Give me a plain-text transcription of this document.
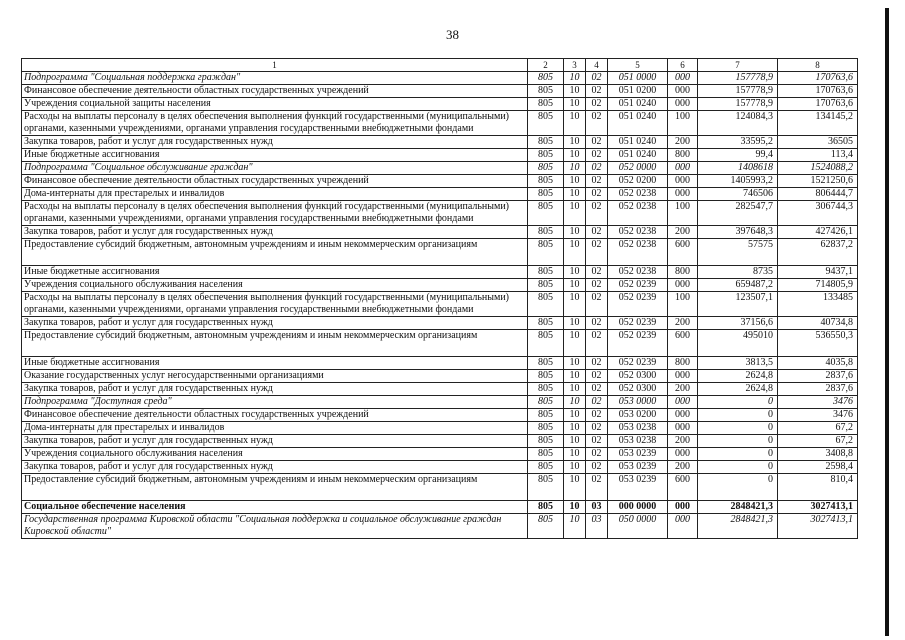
38
1	2	3	4	5	6	7	8
Подпрограмма "Социальная поддержка граждан"	805	10	02	051 0000	000	157778,9	170763,6
Финансовое обеспечение деятельности областных государственных учреждений	805	10	02	051 0200	000	157778,9	170763,6
Учреждения социальной защиты населения	805	10	02	051 0240	000	157778,9	170763,6
Расходы на выплаты персоналу в целях обеспечения выполнения функций государственными (муниципальными) органами, казенными учреждениями, органами управления государственными внебюджетными фондами	805	10	02	051 0240	100	124084,3	134145,2
Закупка товаров, работ и услуг для государственных нужд	805	10	02	051 0240	200	33595,2	36505
Иные бюджетные ассигнования	805	10	02	051 0240	800	99,4	113,4
Подпрограмма "Социальное обслуживание граждан"	805	10	02	052 0000	000	1408618	1524088,2
Финансовое обеспечение деятельности областных государственных учреждений	805	10	02	052 0200	000	1405993,2	1521250,6
Дома-интернаты для престарелых и инвалидов	805	10	02	052 0238	000	746506	806444,7
Расходы на выплаты персоналу в целях обеспечения выполнения функций государственными (муниципальными) органами, казенными учреждениями, органами управления государственными внебюджетными фондами	805	10	02	052 0238	100	282547,7	306744,3
Закупка товаров, работ и услуг для государственных нужд	805	10	02	052 0238	200	397648,3	427426,1
Предоставление субсидий бюджетным, автономным учреждениям и иным некоммерческим организациям	805	10	02	052 0238	600	57575	62837,2
Иные бюджетные ассигнования	805	10	02	052 0238	800	8735	9437,1
Учреждения социального обслуживания населения	805	10	02	052 0239	000	659487,2	714805,9
Расходы на выплаты персоналу в целях обеспечения выполнения функций государственными (муниципальными) органами, казенными учреждениями, органами управления государственными внебюджетными фондами	805	10	02	052 0239	100	123507,1	133485
Закупка товаров, работ и услуг для государственных нужд	805	10	02	052 0239	200	37156,6	40734,8
Предоставление субсидий бюджетным, автономным учреждениям и иным некоммерческим организациям	805	10	02	052 0239	600	495010	536550,3
Иные бюджетные ассигнования	805	10	02	052 0239	800	3813,5	4035,8
Оказание государственных услуг негосударственными организациями	805	10	02	052 0300	000	2624,8	2837,6
Закупка товаров, работ и услуг для государственных нужд	805	10	02	052 0300	200	2624,8	2837,6
Подпрограмма "Доступная среда"	805	10	02	053 0000	000	0	3476
Финансовое обеспечение деятельности областных государственных учреждений	805	10	02	053 0200	000	0	3476
Дома-интернаты для престарелых и инвалидов	805	10	02	053 0238	000	0	67,2
Закупка товаров, работ и услуг для государственных нужд	805	10	02	053 0238	200	0	67,2
Учреждения социального обслуживания населения	805	10	02	053 0239	000	0	3408,8
Закупка товаров, работ и услуг для государственных нужд	805	10	02	053 0239	200	0	2598,4
Предоставление субсидий бюджетным, автономным учреждениям и иным некоммерческим организациям	805	10	02	053 0239	600	0	810,4
Социальное обеспечение населения	805	10	03	000 0000	000	2848421,3	3027413,1
Государственная программа Кировской области "Социальная поддержка и социальное обслуживание граждан Кировской области"	805	10	03	050 0000	000	2848421,3	3027413,1
